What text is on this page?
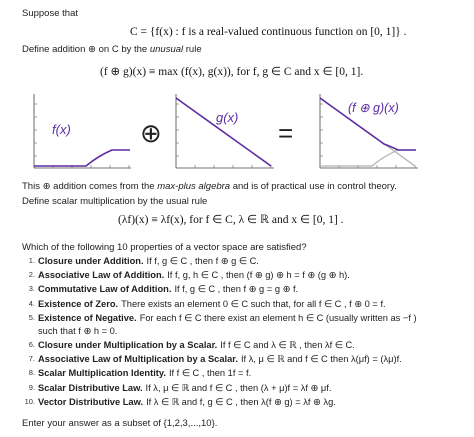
Suppose that
C = {f(x) : f is a real-valued continuous function on [0, 1]} .
Define addition ⊕ on C by the unusual rule
(f ⊕ g)(x) ≡ max (f(x), g(x)), for f, g ∈ C and x ∈ [0, 1].
f(x)	⊕
g(x)
=
(f ⊕ g)(x)
This ⊕ addition comes from the max-plus algebra and is of practical use in control theory.
Define scalar multiplication by the usual rule
(λf)(x) ≡ λf(x), for f ∈ C, λ ∈ ℝ and x ∈ [0, 1] .
Which of the following 10 properties of a vector space are satisfied?
1. Closure under Addition. If f, g ∈ C , then f ⊕ g ∈ C.
2. Associative Law of Addition. If f, g, h ∈ C , then (f ⊕ g) ⊕ h = f ⊕ (g ⊕ h).
3. Commutative Law of Addition. If f, g ∈ C , then f ⊕ g = g ⊕ f.
4. Existence of Zero. There exists an element 0 ∈ C such that, for all f ∈ C , f ⊕ 0 = f.
5. Existence of Negative. For each f ∈ C there exist an element h ∈ C (usually written as −f )
such that f ⊕ h = 0.
6. Closure under Multiplication by a Scalar. If f ∈ C and λ ∈ ℝ , then λf ∈ C.
7. Associative Law of Multiplication by a Scalar. If λ, μ ∈ ℝ and f ∈ C then λ(μf) = (λμ)f.
8. Scalar Multiplication Identity. If f ∈ C , then 1f = f.
9. Scalar Distributive Law. If λ, μ ∈ ℝ and f ∈ C , then (λ + μ)f = λf ⊕ μf.
10. Vector Distributive Law. If λ ∈ ℝ and f, g ∈ C , then λ(f ⊕ g) = λf ⊕ λg.
Enter your answer as a subset of {1,2,3,...,10}.
